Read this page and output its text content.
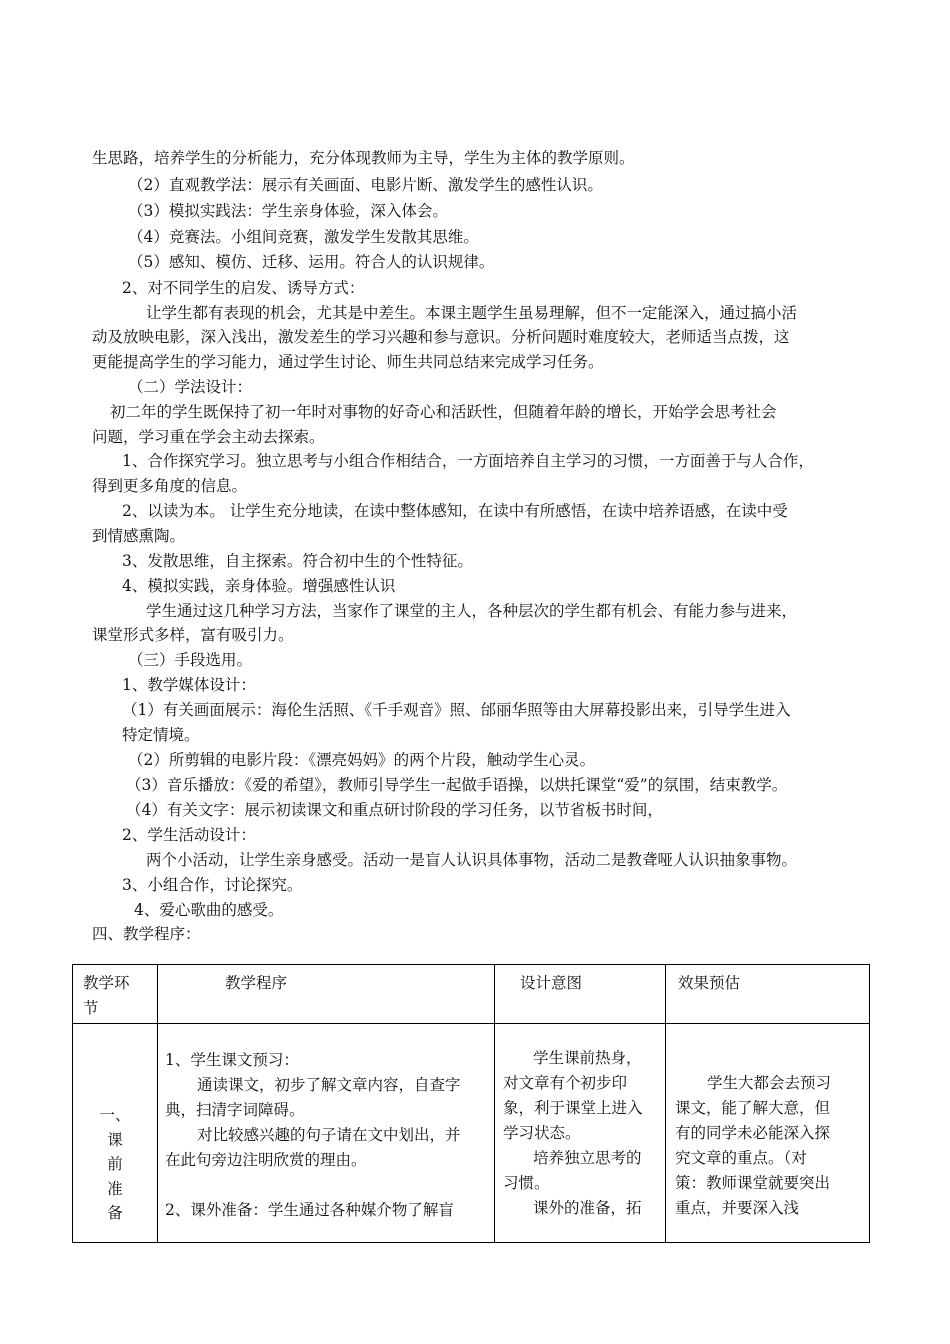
生思路，培养学生的分析能力，充分体现教师为主导，学生为主体的教学原则。
（2）直观教学法：展示有关画面、电影片断、激发学生的感性认识。
（3）模拟实践法：学生亲身体验，深入体会。
（4）竞赛法。小组间竞赛，激发学生发散其思维。
（5）感知、模仿、迁移、运用。符合人的认识规律。
2、对不同学生的启发、诱导方式：
让学生都有表现的机会，尤其是中差生。本课主题学生虽易理解，但不一定能深入，通过搞小活
动及放映电影，深入浅出，激发差生的学习兴趣和参与意识。分析问题时难度较大，老师适当点拨，这
更能提高学生的学习能力，通过学生讨论、师生共同总结来完成学习任务。
（二）学法设计：
初二年的学生既保持了初一年时对事物的好奇心和活跃性，但随着年龄的增长，开始学会思考社会
问题，学习重在学会主动去探索。
1、合作探究学习。独立思考与小组合作相结合，一方面培养自主学习的习惯，一方面善于与人合作，
得到更多角度的信息。
2、以读为本。 让学生充分地读，在读中整体感知，在读中有所感悟，在读中培养语感，在读中受
到情感熏陶。
3、发散思维，自主探索。符合初中生的个性特征。
4、模拟实践，亲身体验。增强感性认识
学生通过这几种学习方法，当家作了课堂的主人，各种层次的学生都有机会、有能力参与进来，
课堂形式多样，富有吸引力。
（三）手段选用。
1、教学媒体设计：
（1）有关画面展示：海伦生活照、《千手观音》照、邰丽华照等由大屏幕投影出来，引导学生进入
特定情境。
（2）所剪辑的电影片段：《漂亮妈妈》的两个片段，触动学生心灵。
（3）音乐播放：《爱的希望》，教师引导学生一起做手语操，以烘托课堂“爱”的氛围，结束教学。
（4）有关文字：展示初读课文和重点研讨阶段的学习任务，以节省板书时间，
2、学生活动设计：
两个小活动，让学生亲身感受。活动一是盲人认识具体事物，活动二是教聋哑人认识抽象事物。
3、小组合作，讨论探究。
4、爱心歌曲的感受。
四、教学程序：
教学环
节
教学程序	设计意图	效果预估
一、
课
前
准
备
1、学生课文预习：
通读课文，初步了解文章内容，自查字
典，扫清字词障碍。
对比较感兴趣的句子请在文中划出，并
在此句旁边注明欣赏的理由。
2、课外准备：学生通过各种媒介物了解盲
学生课前热身，
对文章有个初步印
象，利于课堂上进入
学习状态。
培养独立思考的
习惯。
课外的准备，拓
学生大都会去预习
课文，能了解大意，但
有的同学未必能深入探
究文章的重点。（对
策：教师课堂就要突出
重点，并要深入浅
